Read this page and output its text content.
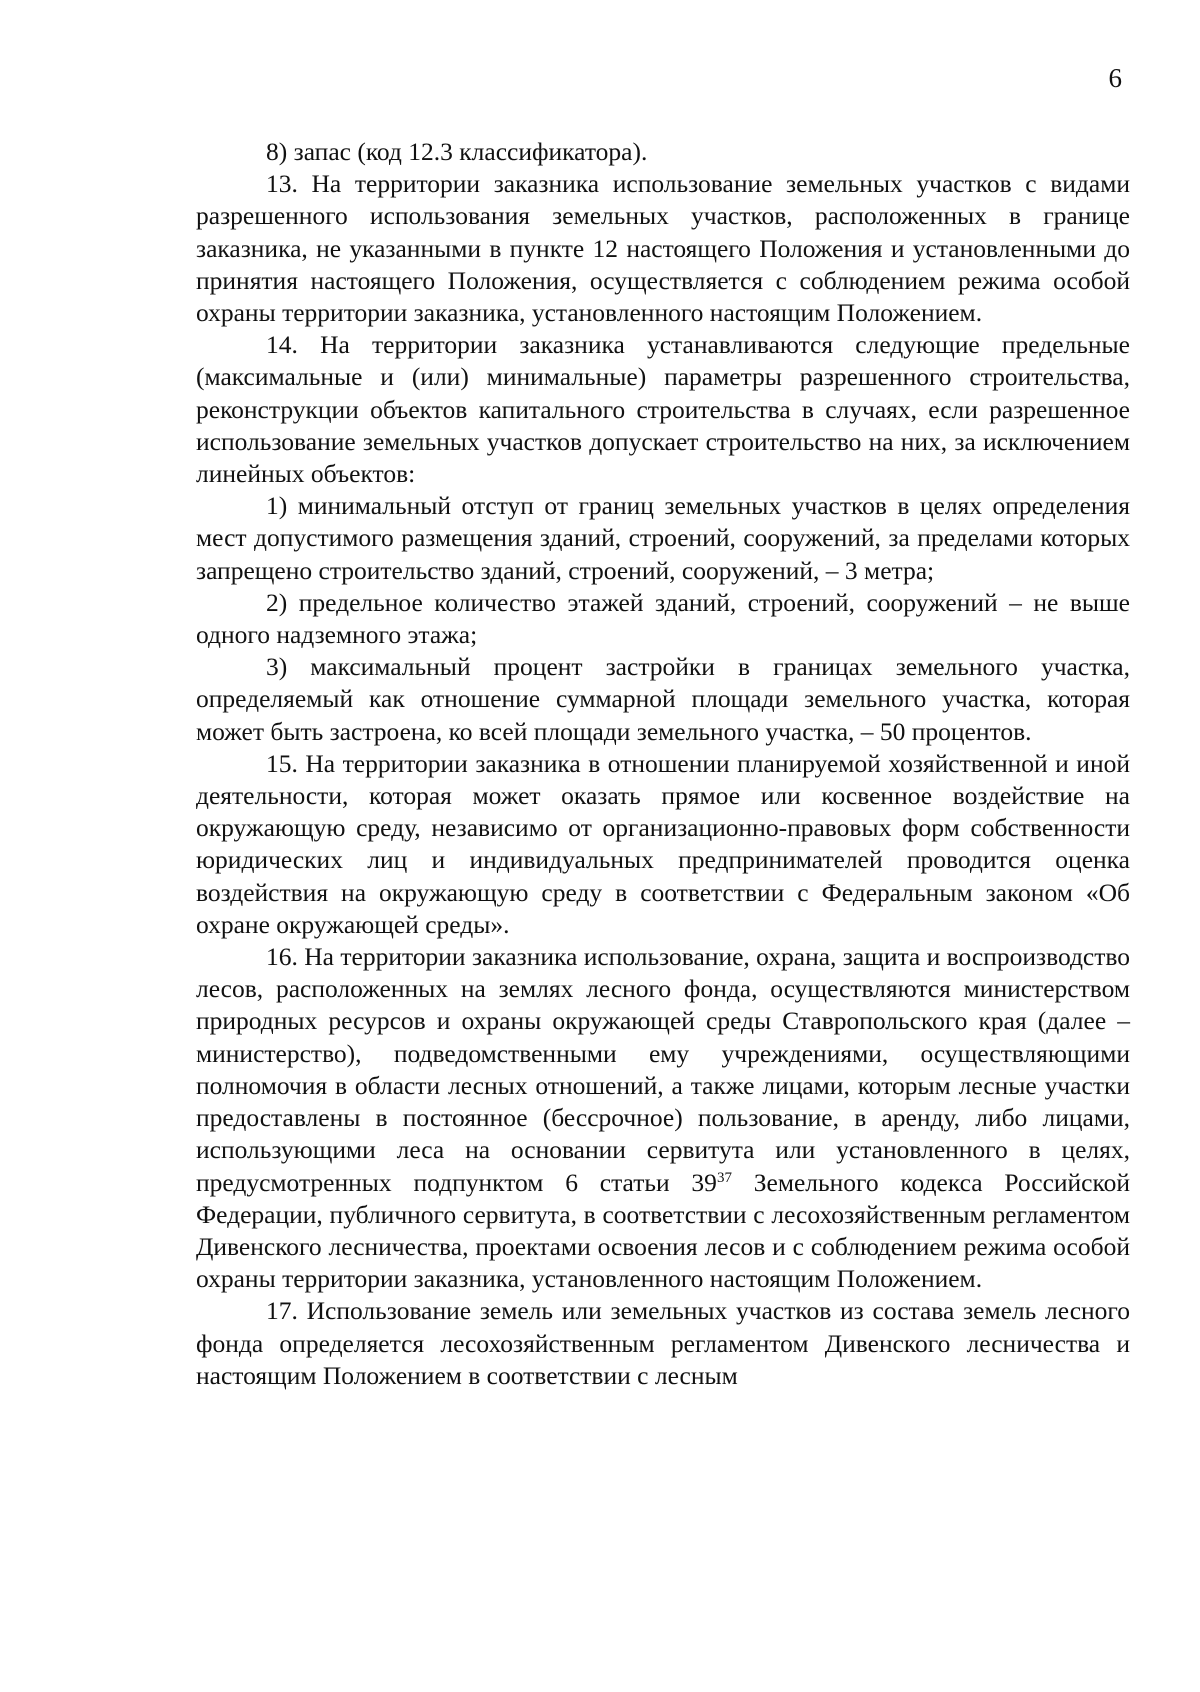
6

8) запас (код 12.3 классификатора).

13. На территории заказника использование земельных участков с видами разрешенного использования земельных участков, расположенных в границе заказника, не указанными в пункте 12 настоящего Положения и установленными до принятия настоящего Положения, осуществляется с соблюдением режима особой охраны территории заказника, установленного настоящим Положением.

14. На территории заказника устанавливаются следующие предельные (максимальные и (или) минимальные) параметры разрешенного строительства, реконструкции объектов капитального строительства в случаях, если разрешенное использование земельных участков допускает строительство на них, за исключением линейных объектов:

1) минимальный отступ от границ земельных участков в целях определения мест допустимого размещения зданий, строений, сооружений, за пределами которых запрещено строительство зданий, строений, сооружений, – 3 метра;

2) предельное количество этажей зданий, строений, сооружений – не выше одного надземного этажа;

3) максимальный процент застройки в границах земельного участка, определяемый как отношение суммарной площади земельного участка, которая может быть застроена, ко всей площади земельного участка, – 50 процентов.

15. На территории заказника в отношении планируемой хозяйственной и иной деятельности, которая может оказать прямое или косвенное воздействие на окружающую среду, независимо от организационно-правовых форм собственности юридических лиц и индивидуальных предпринимателей проводится оценка воздействия на окружающую среду в соответствии с Федеральным законом «Об охране окружающей среды».

16. На территории заказника использование, охрана, защита и воспроизводство лесов, расположенных на землях лесного фонда, осуществляются министерством природных ресурсов и охраны окружающей среды Ставропольского края (далее – министерство), подведомственными ему учреждениями, осуществляющими полномочия в области лесных отношений, а также лицами, которым лесные участки предоставлены в постоянное (бессрочное) пользование, в аренду, либо лицами, использующими леса на основании сервитута или установленного в целях, предусмотренных подпунктом 6 статьи $39^{37}$ Земельного кодекса Российской Федерации, публичного сервитута, в соответствии с лесохозяйственным регламентом Дивенского лесничества, проектами освоения лесов и с соблюдением режима особой охраны территории заказника, установленного настоящим Положением.

17. Использование земель или земельных участков из состава земель лесного фонда определяется лесохозяйственным регламентом Дивенского лесничества и настоящим Положением в соответствии с лесным
